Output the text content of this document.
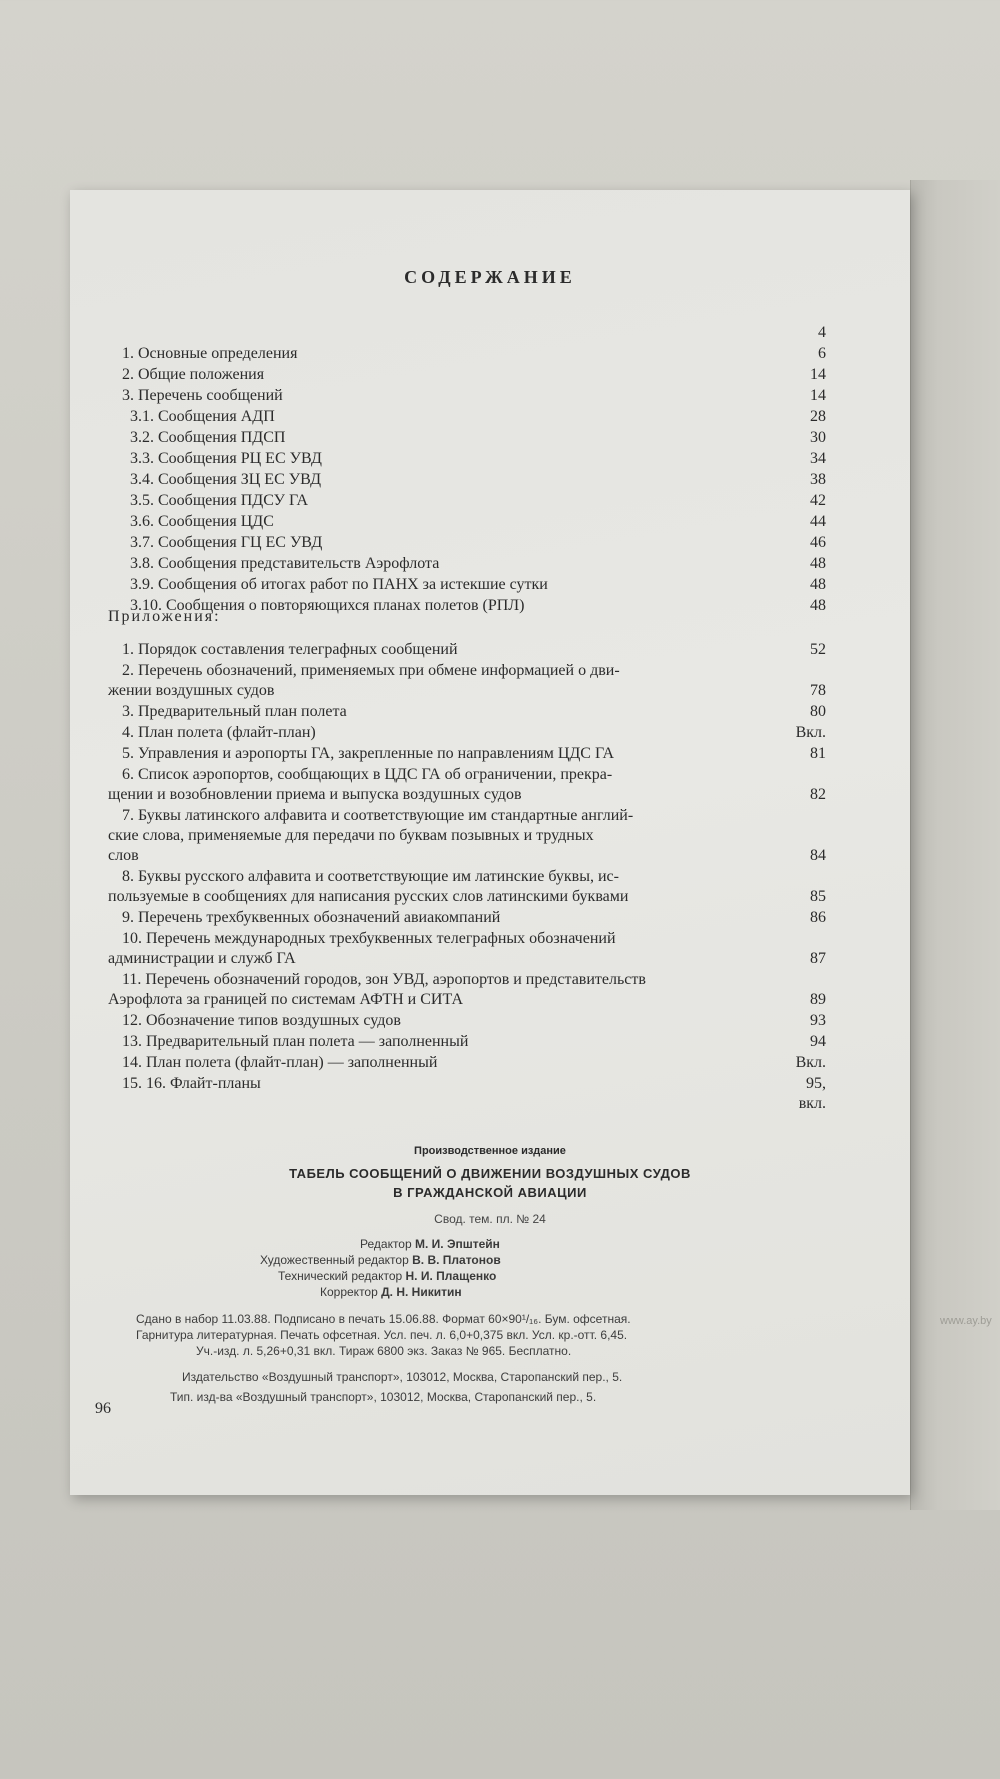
www.ay.by
СОДЕРЖАНИЕ
4
1. Основные определения	6
2. Общие положения	14
3. Перечень сообщений	14
3.1. Сообщения АДП	28
3.2. Сообщения ПДСП	30
3.3. Сообщения РЦ ЕС УВД	34
3.4. Сообщения ЗЦ ЕС УВД	38
3.5. Сообщения ПДСУ ГА	42
3.6. Сообщения ЦДС	44
3.7. Сообщения ГЦ ЕС УВД	46
3.8. Сообщения представительств Аэрофлота	48
3.9. Сообщения об итогах работ по ПАНХ за истекшие сутки	48
3.10. Сообщения о повторяющихся планах полетов (РПЛ)	48
Приложения:
1. Порядок составления телеграфных сообщений	52
2. Перечень обозначений, применяемых при обмене информацией о дви-
жении воздушных судов	78
3. Предварительный план полета	80
4. План полета (флайт-план)	Вкл.
5. Управления и аэропорты ГА, закрепленные по направлениям ЦДС ГА	81
6. Список аэропортов, сообщающих в ЦДС ГА об ограничении, прекра-
щении и возобновлении приема и выпуска воздушных судов	82
7. Буквы латинского алфавита и соответствующие им стандартные англий-
ские слова, применяемые для передачи по буквам позывных и трудных
слов	84
8. Буквы русского алфавита и соответствующие им латинские буквы, ис-
пользуемые в сообщениях для написания русских слов латинскими буквами	85
9. Перечень трехбуквенных обозначений авиакомпаний	86
10. Перечень международных трехбуквенных телеграфных обозначений
администрации и служб ГА	87
11. Перечень обозначений городов, зон УВД, аэропортов и представительств
Аэрофлота за границей по системам АФТН и СИТА	89
12. Обозначение типов воздушных судов	93
13. Предварительный план полета — заполненный	94
14. План полета (флайт-план) — заполненный	Вкл.
15. 16. Флайт-планы	95,
вкл.
Производственное издание
ТАБЕЛЬ СООБЩЕНИЙ О ДВИЖЕНИИ ВОЗДУШНЫХ СУДОВ
В ГРАЖДАНСКОЙ АВИАЦИИ
Свод. тем. пл. № 24
Редактор М. И. Эпштейн
Художественный редактор В. В. Платонов
Технический редактор Н. И. Плащенко
Корректор Д. Н. Никитин
Сдано в набор 11.03.88. Подписано в печать 15.06.88. Формат 60×90¹/₁₆. Бум. офсетная.
Гарнитура литературная. Печать офсетная. Усл. печ. л. 6,0+0,375 вкл. Усл. кр.-отт. 6,45.
Уч.-изд. л. 5,26+0,31 вкл. Тираж 6800 экз. Заказ № 965. Бесплатно.
Издательство «Воздушный транспорт», 103012, Москва, Старопанский пер., 5.
Тип. изд-ва «Воздушный транспорт», 103012, Москва, Старопанский пер., 5.
96
